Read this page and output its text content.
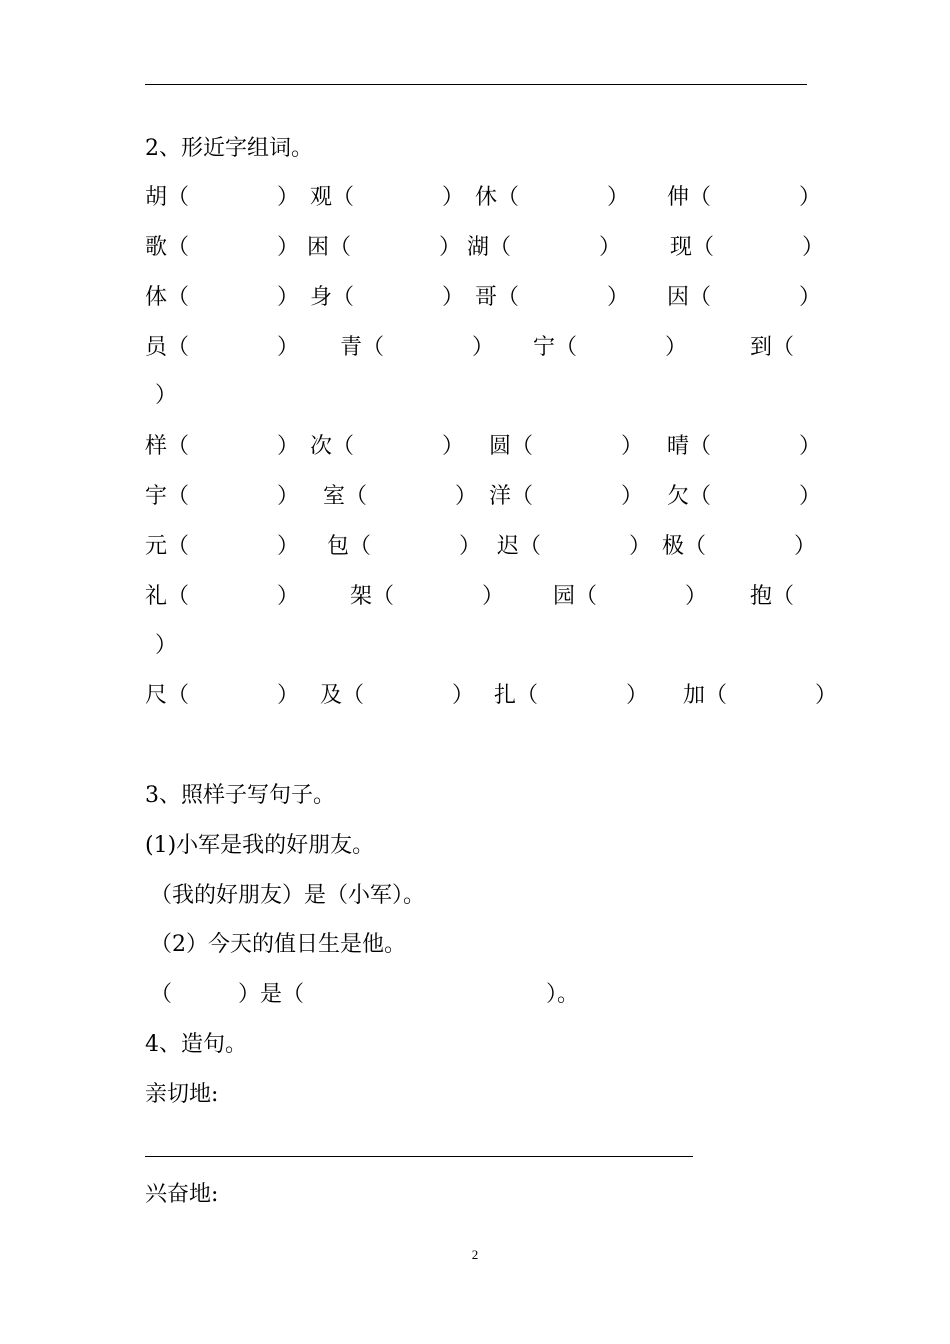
2、形近字组词。
胡（　　　　） 观（　　　　） 休（　　　　） 伸（　　　　）
歌（　　　　） 困（　　　　） 湖（　　　　） 现（　　　　）
体（　　　　） 身（　　　　） 哥（　　　　） 因（　　　　）
员（　　　　） 青（　　　　） 宁（　　　　）	到（
）
样（　　　　） 次（　　　　） 圆（　　　　） 晴（　　　　）
宇（　　　　） 室（　　　　） 洋（　　　　） 欠（　　　　）
元（　　　　） 包（　　　　） 迟（　　　　） 极（　　　　）
礼（　　　　） 架（　　　　） 园（　　　　） 抱（
）
尺（　　　　） 及（　　　　） 扎（　　　　） 加（　　　　）
3、照样子写句子。
(1)小军是我的好朋友。
（我的好朋友）是（小军）。
（2）今天的值日生是他。
（　　　）是（　　　　　　　　　　　）。
4、造句。
亲切地:
兴奋地:
2
